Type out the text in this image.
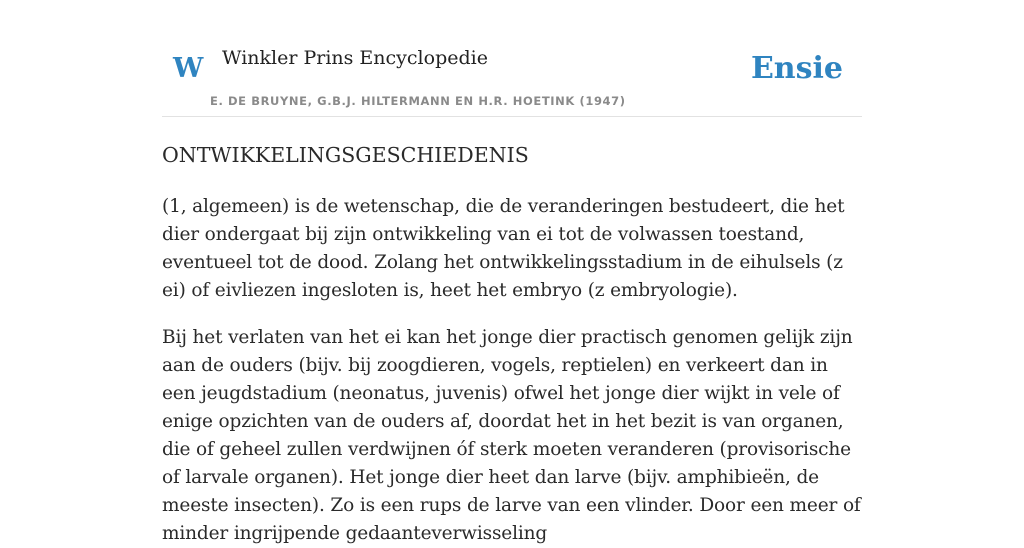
W Winkler Prins Encyclopedie
E. DE BRUYNE, G.B.J. HILTERMANN EN H.R. HOETINK (1947)
Ensie
ONTWIKKELINGSGESCHIEDENIS

(1, algemeen) is de wetenschap, die de veranderingen bestudeert, die het dier ondergaat bij zijn ontwikkeling van ei tot de volwassen toestand, eventueel tot de dood. Zolang het ontwikkelingsstadium in de eihulsels (z ei) of eivliezen ingesloten is, heet het embryo (z embryologie).

Bij het verlaten van het ei kan het jonge dier practisch genomen gelijk zijn aan de ouders (bijv. bij zoogdieren, vogels, reptielen) en verkeert dan in een jeugdstadium (neonatus, juvenis) ofwel het jonge dier wijkt in vele of enige opzichten van de ouders af, doordat het in het bezit is van organen, die of geheel zullen verdwijnen óf sterk moeten veranderen (provisorische of larvale organen). Het jonge dier heet dan larve (bijv. amphibieën, de meeste insecten). Zo is een rups de larve van een vlinder. Door een meer of minder ingrijpende gedaanteverwisseling
